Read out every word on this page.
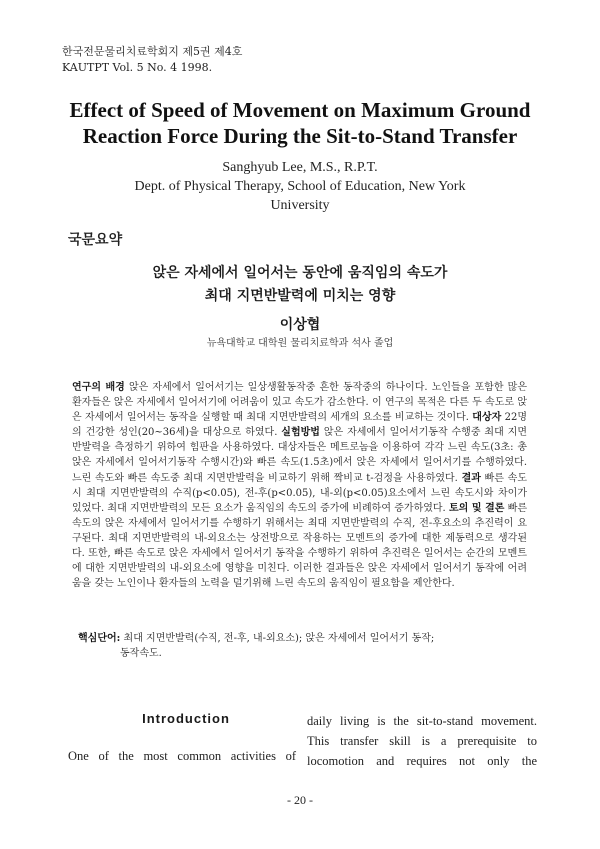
한국전문물리치료학회지 제5권 제4호
KAUTPT Vol. 5 No. 4 1998.
Effect of Speed of Movement on Maximum Ground
Reaction Force During the Sit-to-Stand Transfer
Sanghyub Lee, M.S., R.P.T.
Dept. of Physical Therapy, School of Education, New York
University
국문요약
앉은 자세에서 일어서는 동안에 움직임의 속도가
최대 지면반발력에 미치는 영향
이상협
뉴욕대학교 대학원 물리치료학과 석사 졸업
연구의 배경 앉은 자세에서 일어서기는 일상생활동작중 흔한 동작중의 하나이다. 노인들을 포함한 많은 환자들은 앉은 자세에서 일어서기에 어려움이 있고 속도가 감소한다. 이 연구의 목적은 다른 두 속도로 앉은 자세에서 일어서는 동작을 실행할 때 최대 지면반발력의 세개의 요소를 비교하는 것이다. 대상자 22명의 건강한 성인(20~36세)을 대상으로 하였다. 실험방법 앉은 자세에서 일어서기동작 수행중 최대 지면반발력을 측정하기 위하여 힘판을 사용하였다. 대상자들은 메트로놈을 이용하여 각각 느린 속도(3초: 총 앉은 자세에서 일어서기동작 수행시간)와 빠른 속도(1.5초)에서 앉은 자세에서 일어서기를 수행하였다. 느린 속도와 빠른 속도중 최대 지면반발력을 비교하기 위해 짝비교 t-검정을 사용하였다. 결과 빠른 속도시 최대 지면반발력의 수직(p<0.05), 전-후(p<0.05), 내-외(p<0.05)요소에서 느린 속도시와 차이가 있었다. 최대 지면반발력의 모든 요소가 움직임의 속도의 증가에 비례하여 증가하였다. 토의 및 결론 빠른 속도의 앉은 자세에서 일어서기를 수행하기 위해서는 최대 지면반발력의 수직, 전-후요소의 추진력이 요구된다. 최대 지면반발력의 내-외요소는 상전방으로 작용하는 모멘트의 증가에 대한 제동력으로 생각된다. 또한, 빠른 속도로 앉은 자세에서 일어서기 동작을 수행하기 위하여 추진력은 일어서는 순간의 모멘트에 대한 지면반발력의 내-외요소에 영향을 미친다. 이러한 결과들은 앉은 자세에서 일어서기 동작에 어려움을 갖는 노인이나 환자들의 노력을 덜기위해 느린 속도의 움직임이 필요함을 제안한다.
핵심단어: 최대 지면반발력(수직, 전-후, 내-외요소); 앉은 자세에서 일어서기 동작;
동작속도.
Introduction
One of the most common activities of
daily living is the sit-to-stand movement.
This transfer skill is a prerequisite to
locomotion and requires not only the
- 20 -
